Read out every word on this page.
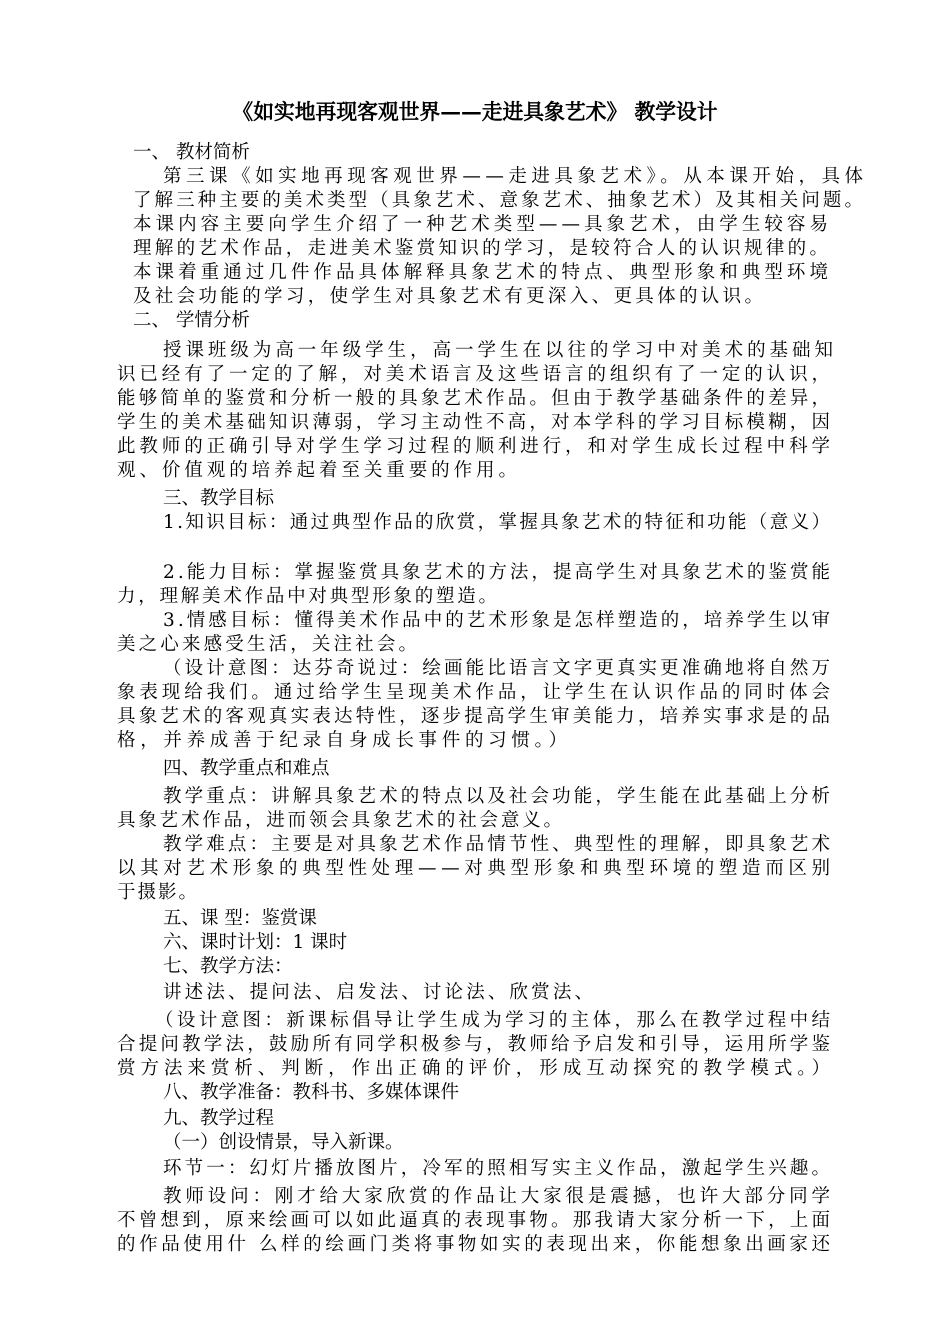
《如实地再现客观世界——走进具象艺术》 教学设计
一、 教材简析
第三课《如实地再现客观世界——走进具象艺术》。从本课开始，具体
了解三种主要的美术类型（具象艺术、意象艺术、抽象艺术）及其相关问题。
本课内容主要向学生介绍了一种艺术类型——具象艺术，由学生较容易
理解的艺术作品，走进美术鉴赏知识的学习，是较符合人的认识规律的。
本课着重通过几件作品具体解释具象艺术的特点、典型形象和典型环境
及社会功能的学习，使学生对具象艺术有更深入、更具体的认识。
二、 学情分析
授课班级为高一年级学生，高一学生在以往的学习中对美术的基础知
识已经有了一定的了解，对美术语言及这些语言的组织有了一定的认识，
能够简单的鉴赏和分析一般的具象艺术作品。但由于教学基础条件的差异，
学生的美术基础知识薄弱，学习主动性不高，对本学科的学习目标模糊，因
此教师的正确引导对学生学习过程的顺利进行，和对学生成长过程中科学
观、价值观的培养起着至关重要的作用。
三、教学目标
1.知识目标：通过典型作品的欣赏，掌握具象艺术的特征和功能（意义）
2.能力目标：掌握鉴赏具象艺术的方法，提高学生对具象艺术的鉴赏能
力，理解美术作品中对典型形象的塑造。
3.情感目标：懂得美术作品中的艺术形象是怎样塑造的，培养学生以审
美之心来感受生活，关注社会。
（设计意图：达芬奇说过：绘画能比语言文字更真实更准确地将自然万
象表现给我们。通过给学生呈现美术作品，让学生在认识作品的同时体会
具象艺术的客观真实表达特性，逐步提高学生审美能力，培养实事求是的品
格，并养成善于纪录自身成长事件的习惯。）
四、教学重点和难点
教学重点：讲解具象艺术的特点以及社会功能，学生能在此基础上分析
具象艺术作品，进而领会具象艺术的社会意义。
教学难点：主要是对具象艺术作品情节性、典型性的理解，即具象艺术
以其对艺术形象的典型性处理——对典型形象和典型环境的塑造而区别
于摄影。
五、课 型：鉴赏课
六、课时计划：1 课时
七、教学方法：
讲述法、提问法、启发法、讨论法、欣赏法、
（设计意图：新课标倡导让学生成为学习的主体，那么在教学过程中结
合提问教学法，鼓励所有同学积极参与，教师给予启发和引导，运用所学鉴
赏方法来赏析、判断，作出正确的评价，形成互动探究的教学模式。）
八、教学准备：教科书、多媒体课件
九、教学过程
（一）创设情景，导入新课。
环节一：幻灯片播放图片，冷军的照相写实主义作品，激起学生兴趣。
教师设问：刚才给大家欣赏的作品让大家很是震撼，也许大部分同学
不曾想到，原来绘画可以如此逼真的表现事物。那我请大家分析一下，上面
的作品使用什 么样的绘画门类将事物如实的表现出来，你能想象出画家还
